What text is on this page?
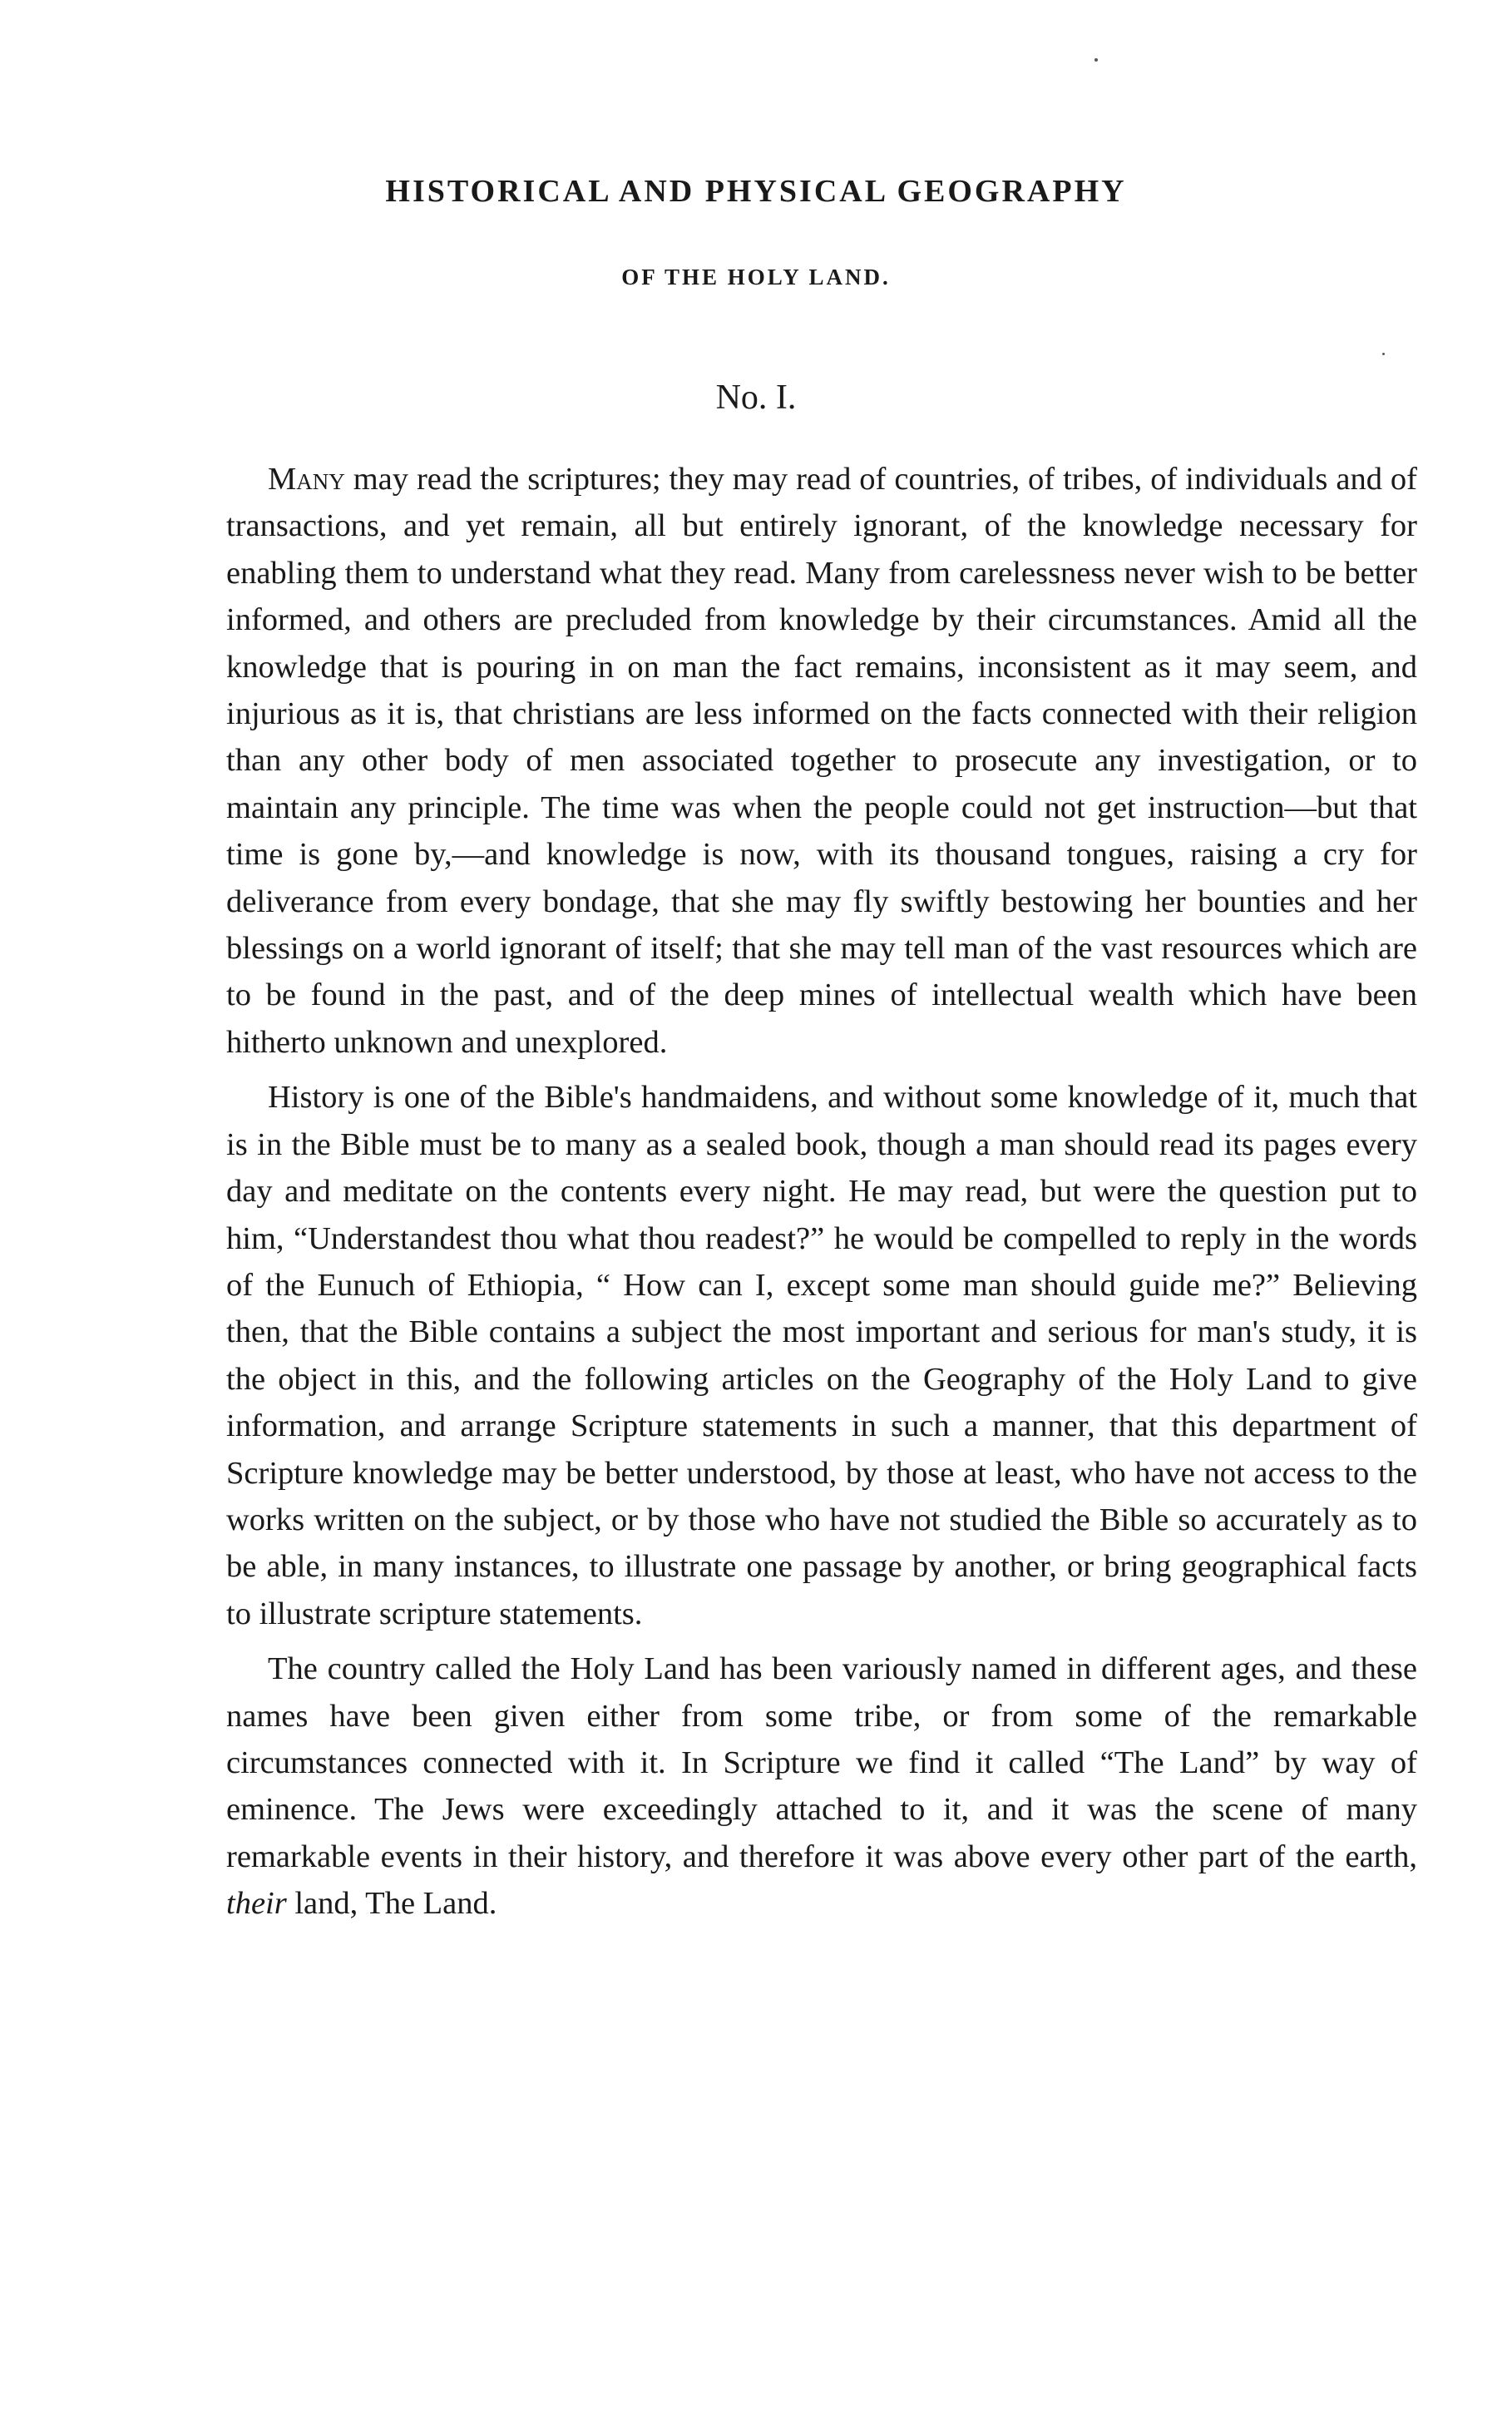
HISTORICAL AND PHYSICAL GEOGRAPHY
OF THE HOLY LAND.
No. I.

Many may read the scriptures; they may read of countries, of tribes, of individuals and of transactions, and yet remain, all but entirely ignorant, of the knowledge necessary for enabling them to understand what they read. Many from carelessness never wish to be better informed, and others are precluded from knowledge by their circumstances. Amid all the knowledge that is pouring in on man the fact remains, inconsistent as it may seem, and injurious as it is, that christians are less informed on the facts connected with their religion than any other body of men associated together to prosecute any investigation, or to maintain any principle. The time was when the people could not get instruction—but that time is gone by,—and knowledge is now, with its thousand tongues, raising a cry for deliverance from every bondage, that she may fly swiftly bestowing her bounties and her blessings on a world ignorant of itself; that she may tell man of the vast resources which are to be found in the past, and of the deep mines of intellectual wealth which have been hitherto unknown and unexplored.

History is one of the Bible's handmaidens, and without some knowledge of it, much that is in the Bible must be to many as a sealed book, though a man should read its pages every day and meditate on the contents every night. He may read, but were the question put to him, “Understandest thou what thou readest?” he would be compelled to reply in the words of the Eunuch of Ethiopia, “ How can I, except some man should guide me?” Believing then, that the Bible contains a subject the most important and serious for man's study, it is the object in this, and the following articles on the Geography of the Holy Land to give information, and arrange Scripture statements in such a manner, that this department of Scripture knowledge may be better understood, by those at least, who have not access to the works written on the subject, or by those who have not studied the Bible so accurately as to be able, in many instances, to illustrate one passage by another, or bring geographical facts to illustrate scripture statements.

The country called the Holy Land has been variously named in different ages, and these names have been given either from some tribe, or from some of the remarkable circumstances connected with it. In Scripture we find it called “The Land” by way of eminence. The Jews were exceedingly attached to it, and it was the scene of many remarkable events in their history, and therefore it was above every other part of the earth, their land, The Land.
